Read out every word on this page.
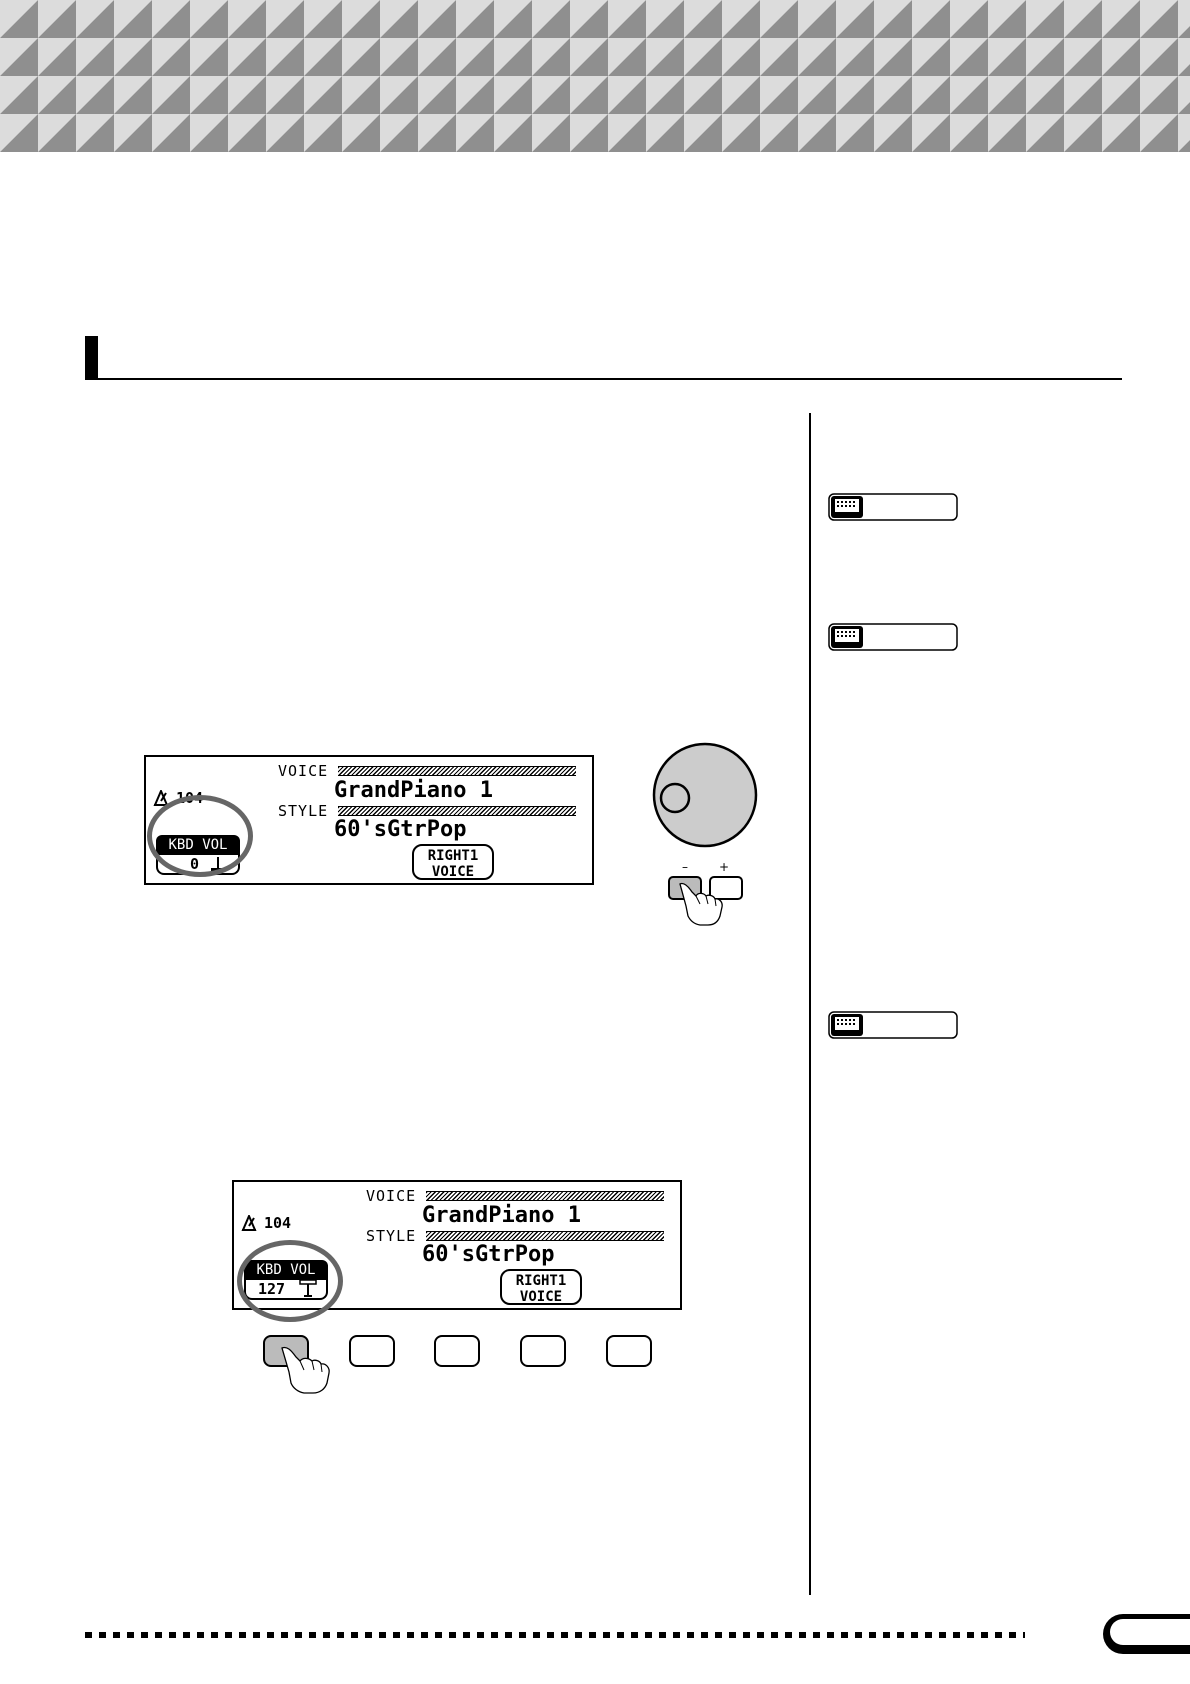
104
VOICE
GrandPiano 1
STYLE
60'sGtrPop
KBD VOL
0	RIGHT1
VOICE	–	+
104
VOICE
GrandPiano 1
STYLE
60'sGtrPop
KBD VOL
127	RIGHT1
VOICE
